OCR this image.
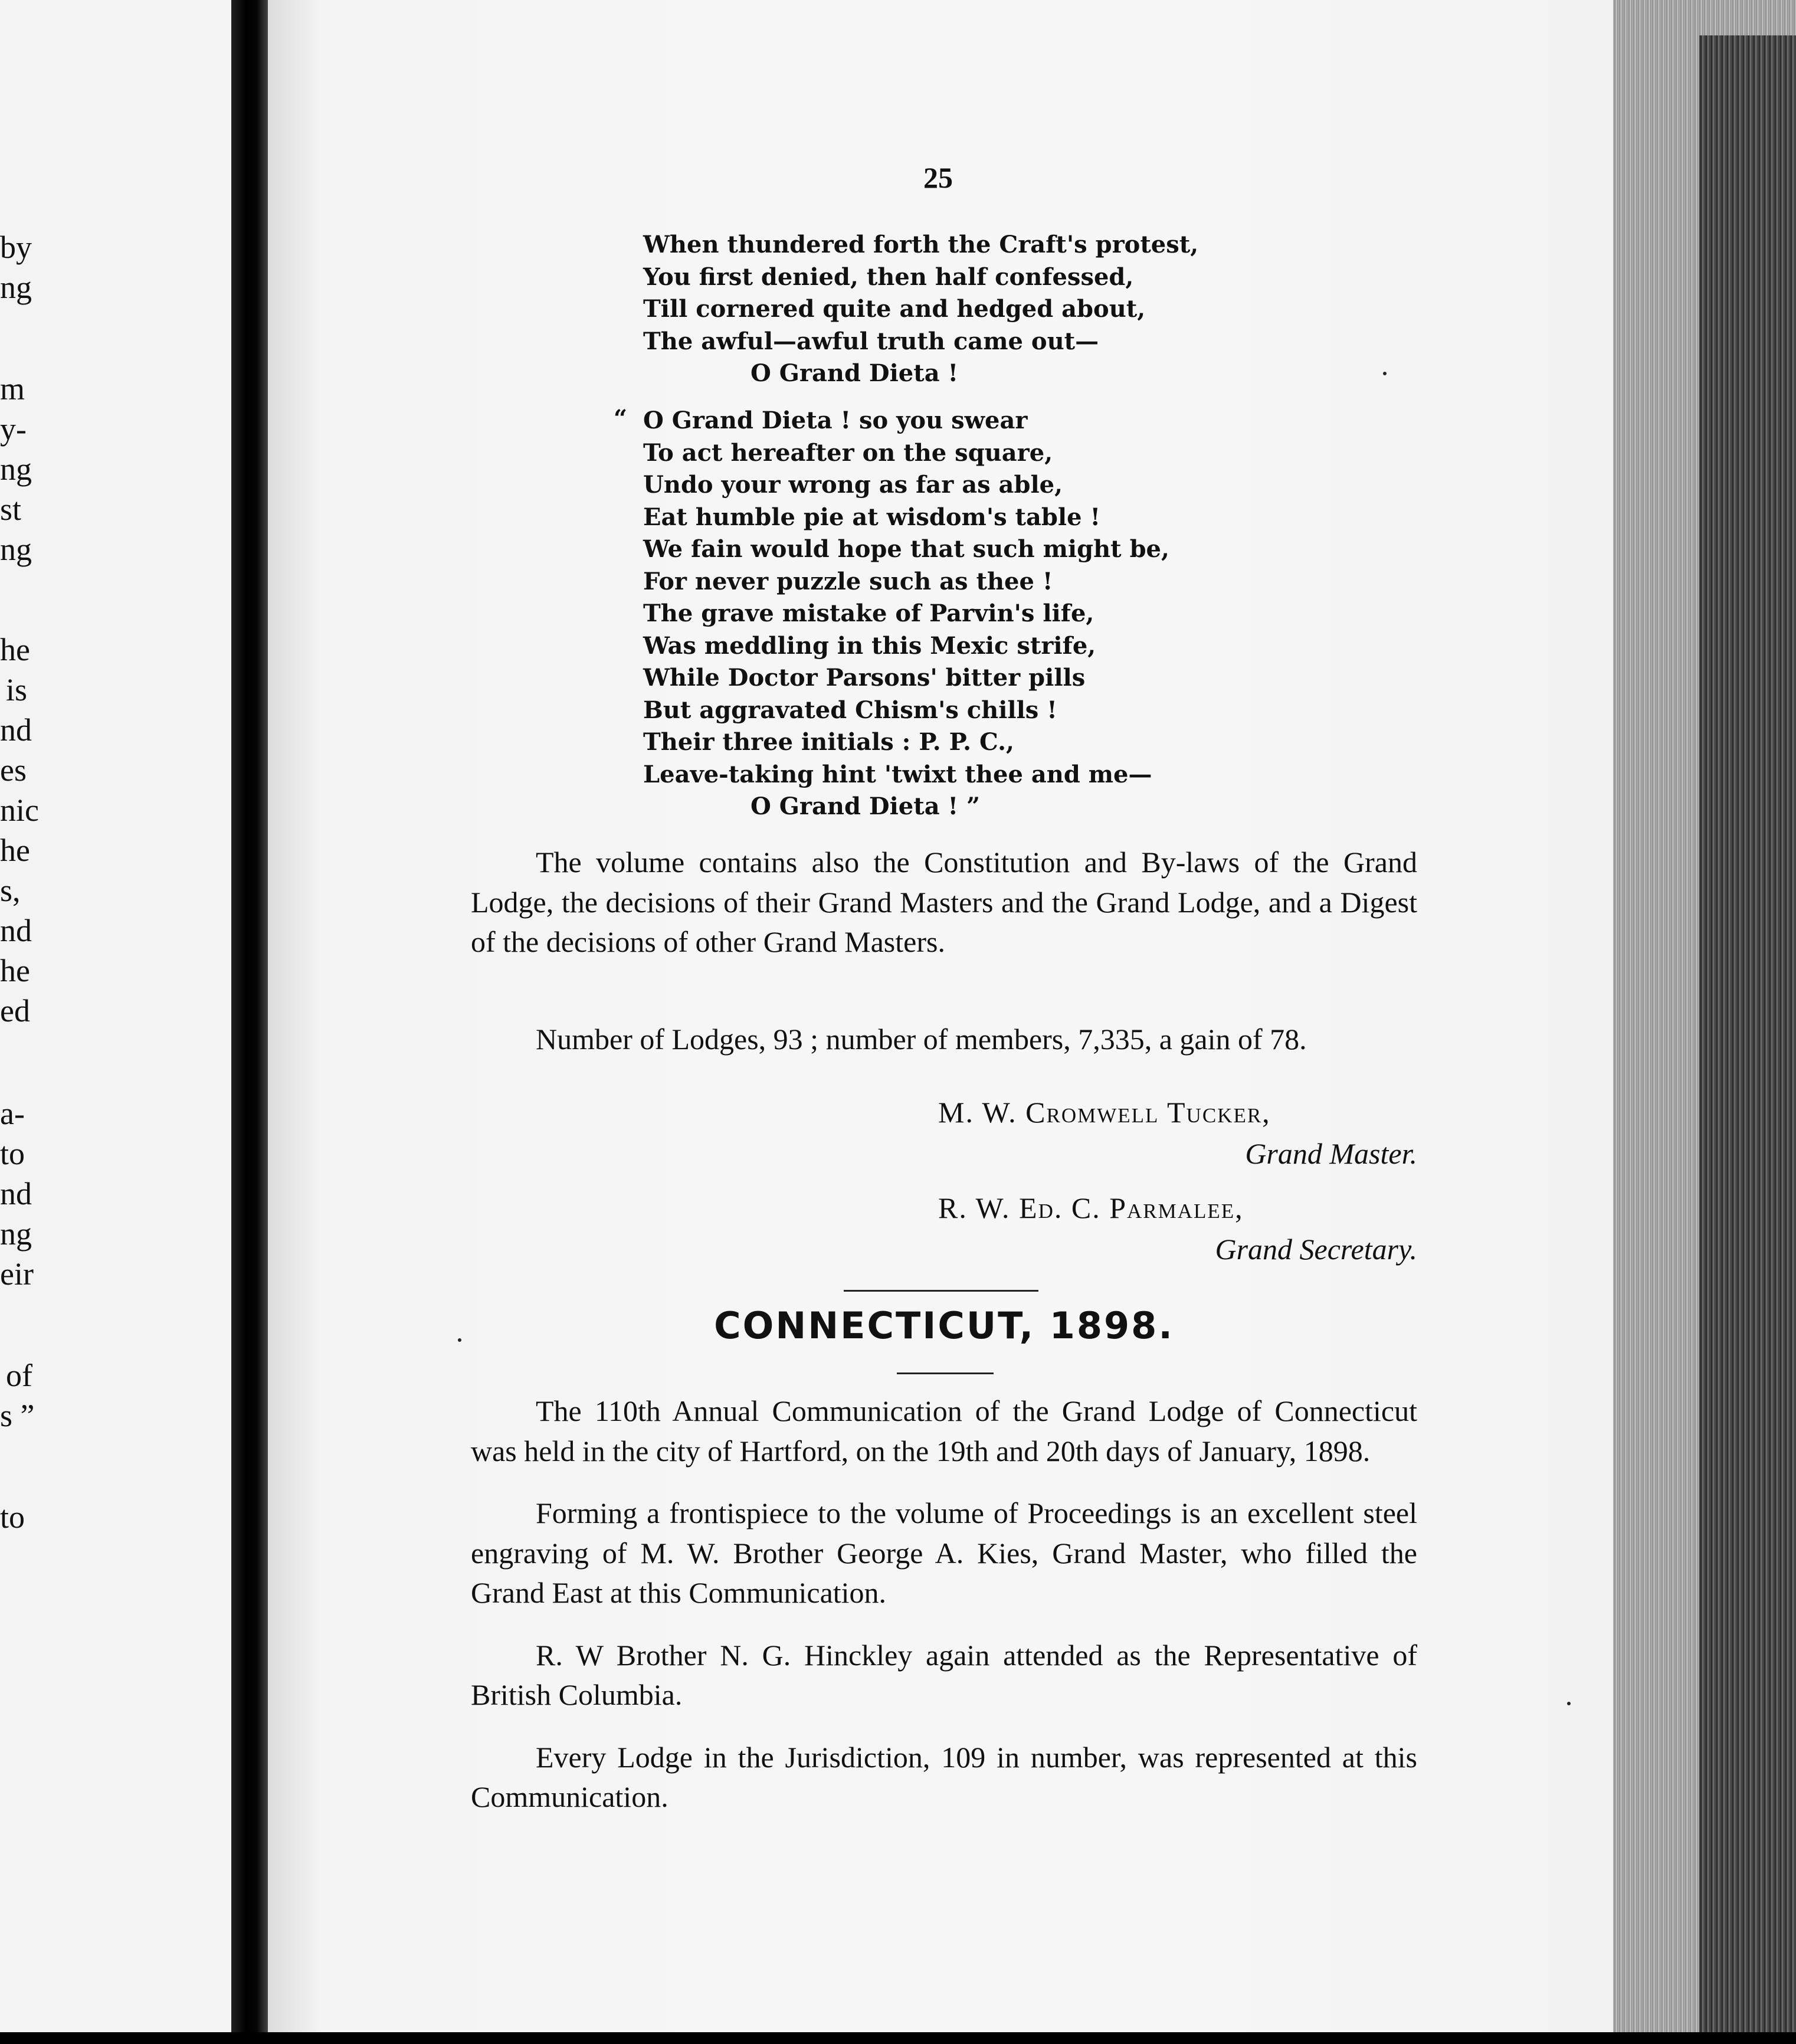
by
ng
m
y-
ng
st
ng
he
is
nd
es
nic
he
s,
nd
he
ed
a-
to
nd
ng
eir
of
s ”
to
25
When thundered forth the Craft's protest,
You first denied, then half confessed,
Till cornered quite and hedged about,
The awful—awful truth came out—
O Grand Dieta !
“ O Grand Dieta ! so you swear
To act hereafter on the square,
Undo your wrong as far as able,
Eat humble pie at wisdom's table !
We fain would hope that such might be,
For never puzzle such as thee !
The grave mistake of Parvin's life,
Was meddling in this Mexic strife,
While Doctor Parsons' bitter pills
But aggravated Chism's chills !
Their three initials : P. P. C.,
Leave-taking hint 'twixt thee and me—
O Grand Dieta ! ”

The volume contains also the Constitution and By-laws of the Grand Lodge, the decisions of their Grand Masters and the Grand Lodge, and a Digest of the decisions of other Grand Masters.

Number of Lodges, 93 ; number of members, 7,335, a gain of 78.

M. W. Cromwell Tucker,
Grand Master.
R. W. Ed. C. Parmalee,
Grand Secretary.
CONNECTICUT, 1898.

The 110th Annual Communication of the Grand Lodge of Connecticut was held in the city of Hartford, on the 19th and 20th days of January, 1898.

Forming a frontispiece to the volume of Proceedings is an excellent steel engraving of M. W. Brother George A. Kies, Grand Master, who filled the Grand East at this Communication.

R. W Brother N. G. Hinckley again attended as the Representative of British Columbia.

Every Lodge in the Jurisdiction, 109 in number, was represented at this Communication.
